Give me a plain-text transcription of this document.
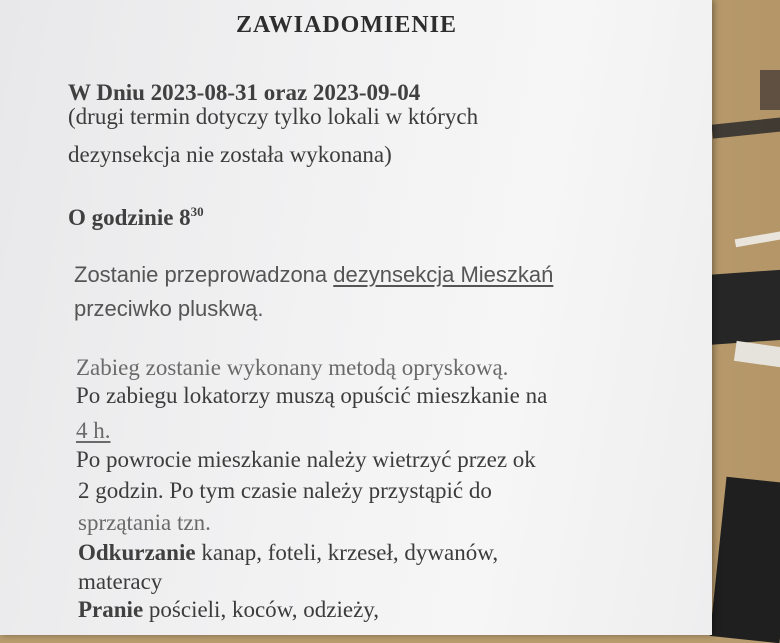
ZAWIADOMIENIE
W Dniu 2023-08-31 oraz 2023-09-04
(drugi termin dotyczy tylko lokali w których
dezynsekcja nie została wykonana)
O godzinie $8^{30}$
Zostanie przeprowadzona dezynsekcja Mieszkań
przeciwko pluskwą.
Zabieg zostanie wykonany metodą opryskową.
Po zabiegu lokatorzy muszą opuścić mieszkanie na
4 h.
Po powrocie mieszkanie należy wietrzyć przez ok
2 godzin. Po tym czasie należy przystąpić do
sprzątania tzn.
Odkurzanie kanap, foteli, krzeseł, dywanów,
materacy
Pranie pościeli, koców, odzieży,
